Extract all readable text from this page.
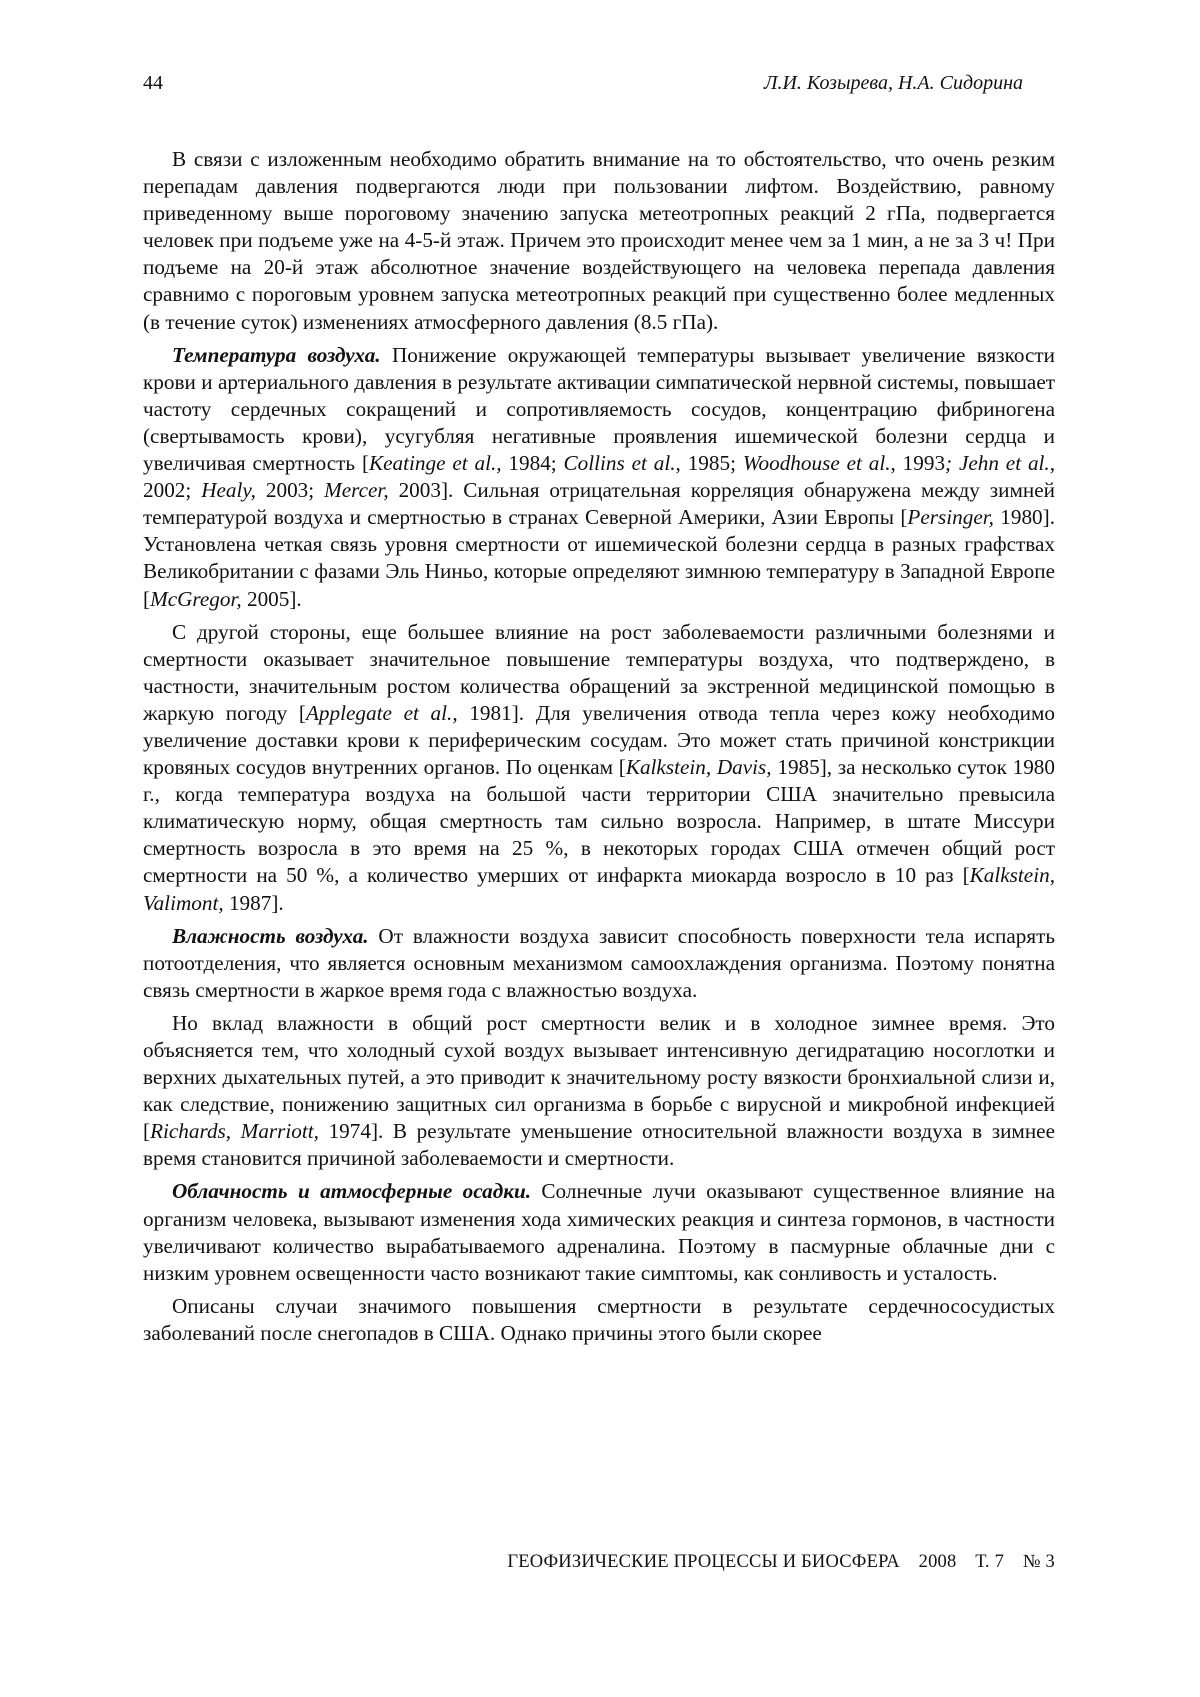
44	Л.И. Козырева, Н.А. Сидорина

В связи с изложенным необходимо обратить внимание на то обстоятельство, что очень резким перепадам давления подвергаются люди при пользовании лифтом. Воздействию, равному приведенному выше пороговому значению запуска метеотропных реакций 2 гПа, подвергается человек при подъеме уже на 4-5-й этаж. Причем это происходит менее чем за 1 мин, а не за 3 ч! При подъеме на 20-й этаж абсолютное значение воздействующего на человека перепада давления сравнимо с пороговым уровнем запуска метеотропных реакций при существенно более медленных (в течение суток) изменениях атмосферного давления (8.5 гПа).

Температура воздуха. Понижение окружающей температуры вызывает увеличение вязкости крови и артериального давления в результате активации симпатической нервной системы, повышает частоту сердечных сокращений и сопротивляемость сосудов, концентрацию фибриногена (свертывамость крови), усугубляя негативные проявления ишемической болезни сердца и увеличивая смертность [Keatinge et al., 1984; Collins et al., 1985; Woodhouse et al., 1993; Jehn et al., 2002; Healy, 2003; Mercer, 2003]. Сильная отрицательная корреляция обнаружена между зимней температурой воздуха и смертностью в странах Северной Америки, Азии Европы [Persinger, 1980]. Установлена четкая связь уровня смертности от ишемической болезни сердца в разных графствах Великобритании с фазами Эль Ниньо, которые определяют зимнюю температуру в Западной Европе [McGregor, 2005].

С другой стороны, еще большее влияние на рост заболеваемости различными болезнями и смертности оказывает значительное повышение температуры воздуха, что подтверждено, в частности, значительным ростом количества обращений за экстренной медицинской помощью в жаркую погоду [Applegate et al., 1981]. Для увеличения отвода тепла через кожу необходимо увеличение доставки крови к периферическим сосудам. Это может стать причиной констрикции кровяных сосудов внутренних органов. По оценкам [Kalkstein, Davis, 1985], за несколько суток 1980 г., когда температура воздуха на большой части территории США значительно превысила климатическую норму, общая смертность там сильно возросла. Например, в штате Миссури смертность возросла в это время на 25 %, в некоторых городах США отмечен общий рост смертности на 50 %, а количество умерших от инфаркта миокарда возросло в 10 раз [Kalkstein, Valimont, 1987].

Влажность воздуха. От влажности воздуха зависит способность поверхности тела испарять потоотделения, что является основным механизмом самоохлаждения организма. Поэтому понятна связь смертности в жаркое время года с влажностью воздуха.

Но вклад влажности в общий рост смертности велик и в холодное зимнее время. Это объясняется тем, что холодный сухой воздух вызывает интенсивную дегидратацию носоглотки и верхних дыхательных путей, а это приводит к значительному росту вязкости бронхиальной слизи и, как следствие, понижению защитных сил организма в борьбе с вирусной и микробной инфекцией [Richards, Marriott, 1974]. В результате уменьшение относительной влажности воздуха в зимнее время становится причиной заболеваемости и смертности.

Облачность и атмосферные осадки. Солнечные лучи оказывают существенное влияние на организм человека, вызывают изменения хода химических реакция и синтеза гормонов, в частности увеличивают количество вырабатываемого адреналина. Поэтому в пасмурные облачные дни с низким уровнем освещенности часто возникают такие симптомы, как сонливость и усталость.

Описаны случаи значимого повышения смертности в результате сердечнососудистых заболеваний после снегопадов в США. Однако причины этого были скорее

ГЕОФИЗИЧЕСКИЕ ПРОЦЕССЫ И БИОСФЕРА 2008 Т. 7 № 3
